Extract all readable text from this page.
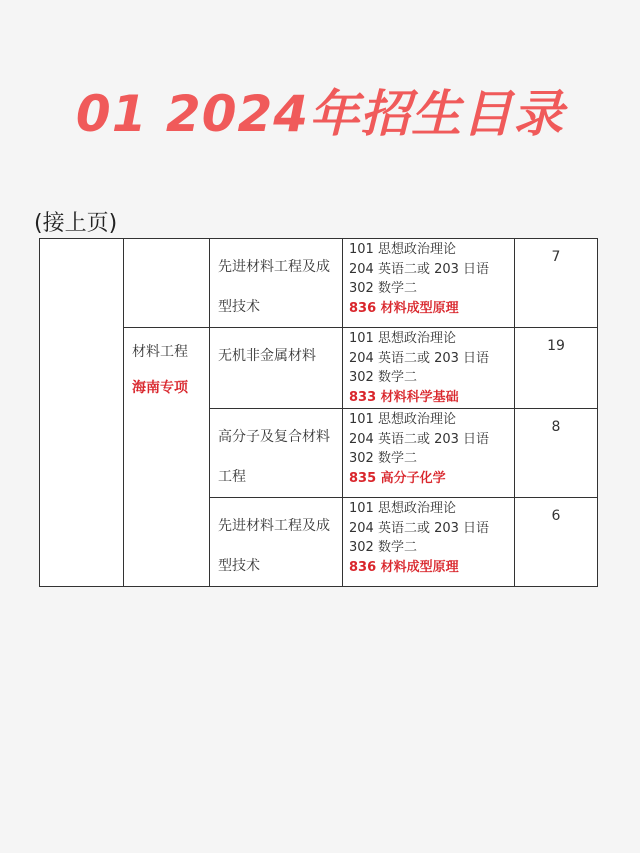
01 2024年招生目录
(接上页)

		先进材料工程及成型技术	101 思想政治理论
204 英语二或 203 日语
302 数学二
836 材料成型原理	7

	材料工程
海南专项	无机非金属材料	101 思想政治理论
204 英语二或 203 日语
302 数学二
833 材料科学基础	19

		高分子及复合材料工程	101 思想政治理论
204 英语二或 203 日语
302 数学二
835 高分子化学	8

		先进材料工程及成型技术	101 思想政治理论
204 英语二或 203 日语
302 数学二
836 材料成型原理	6
